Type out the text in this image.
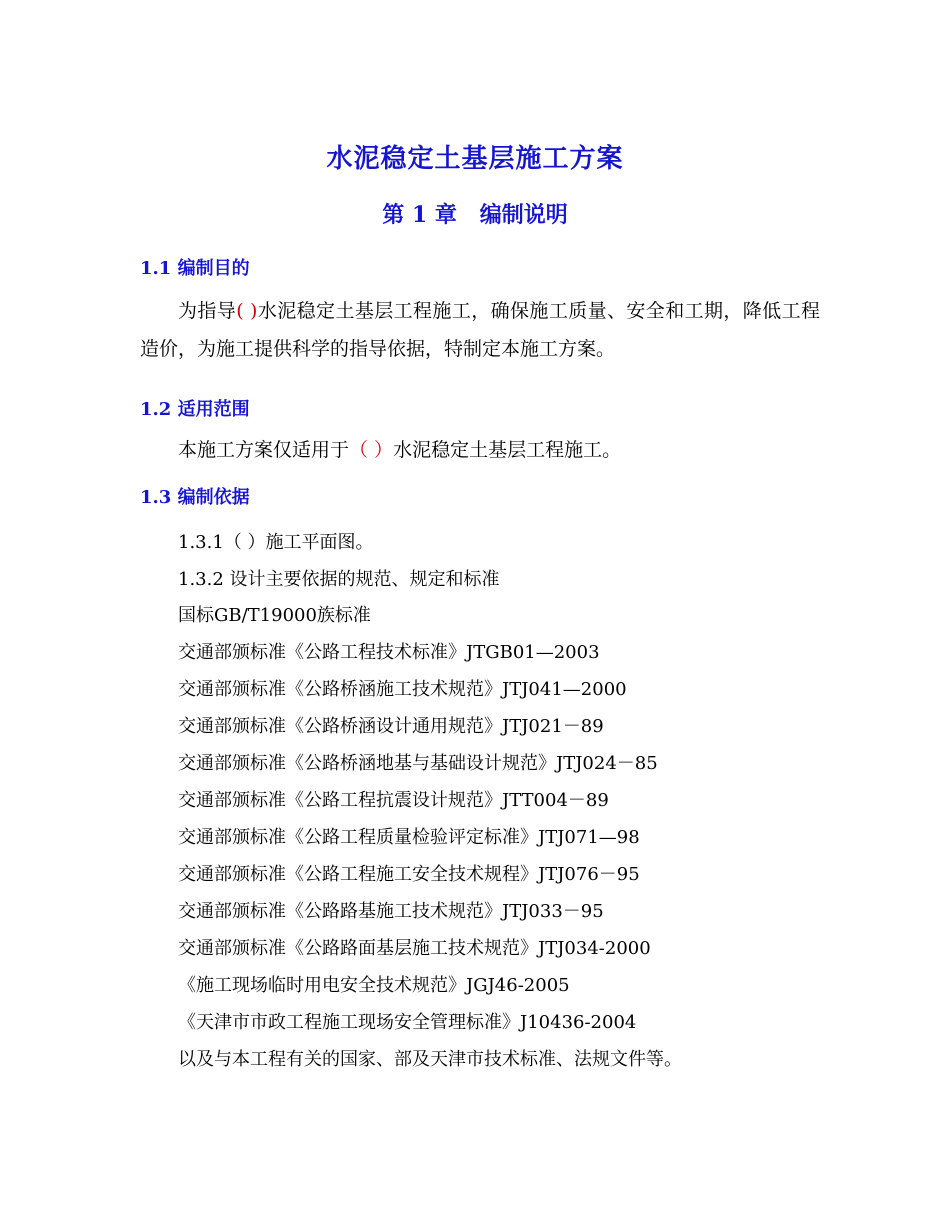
水泥稳定土基层施工方案
第 1 章   编制说明
1.1 编制目的
为指导( )水泥稳定土基层工程施工，确保施工质量、安全和工期，降低工程造价，为施工提供科学的指导依据，特制定本施工方案。
1.2 适用范围
本施工方案仅适用于（ ）水泥稳定土基层工程施工。
1.3 编制依据
1.3.1（ ）施工平面图。
1.3.2 设计主要依据的规范、规定和标准
国标GB/T19000族标准
交通部颁标准《公路工程技术标准》JTGB01—2003
交通部颁标准《公路桥涵施工技术规范》JTJ041—2000
交通部颁标准《公路桥涵设计通用规范》JTJ021－89
交通部颁标准《公路桥涵地基与基础设计规范》JTJ024－85
交通部颁标准《公路工程抗震设计规范》JTT004－89
交通部颁标准《公路工程质量检验评定标准》JTJ071—98
交通部颁标准《公路工程施工安全技术规程》JTJ076－95
交通部颁标准《公路路基施工技术规范》JTJ033－95
交通部颁标准《公路路面基层施工技术规范》JTJ034-2000
《施工现场临时用电安全技术规范》JGJ46-2005
《天津市市政工程施工现场安全管理标准》J10436-2004
以及与本工程有关的国家、部及天津市技术标准、法规文件等。
